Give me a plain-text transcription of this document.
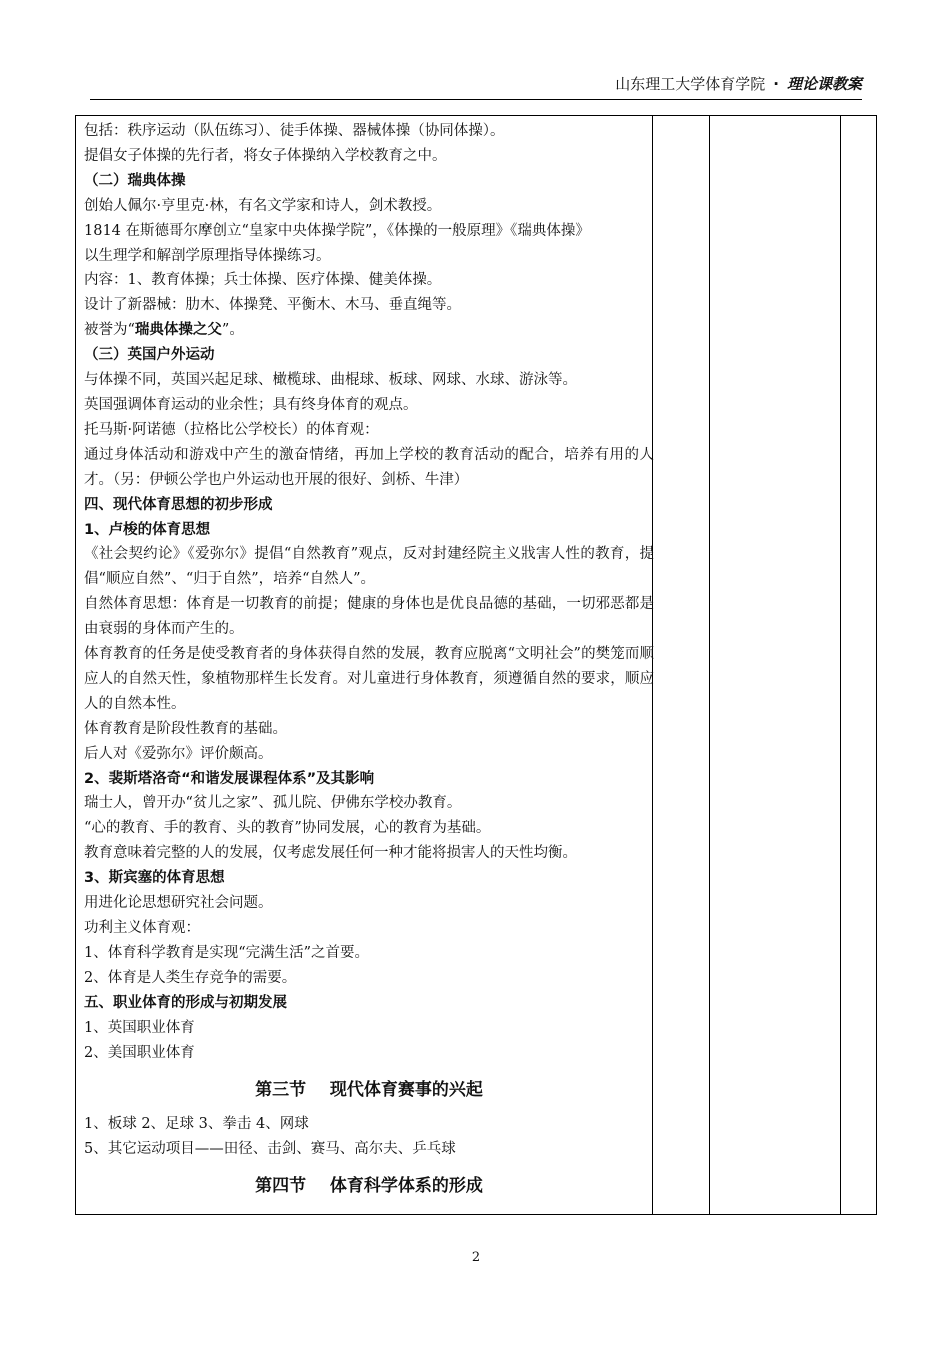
山东理工大学体育学院 · 理论课教案

包括：秩序运动（队伍练习）、徒手体操、器械体操（协同体操）。

提倡女子体操的先行者，将女子体操纳入学校教育之中。

（二）瑞典体操

创始人佩尔·亨里克·林，有名文学家和诗人，剑术教授。

1814 在斯德哥尔摩创立“皇家中央体操学院”，《体操的一般原理》《瑞典体操》

以生理学和解剖学原理指导体操练习。

内容：1、教育体操；兵士体操、医疗体操、健美体操。

设计了新器械：肋木、体操凳、平衡木、木马、垂直绳等。

被誉为“瑞典体操之父”。

（三）英国户外运动

与体操不同，英国兴起足球、橄榄球、曲棍球、板球、网球、水球、游泳等。

英国强调体育运动的业余性；具有终身体育的观点。

托马斯·阿诺德（拉格比公学校长）的体育观：

通过身体活动和游戏中产生的激奋情绪，再加上学校的教育活动的配合，培养有用的人才。（另：伊顿公学也户外运动也开展的很好、剑桥、牛津）

四、现代体育思想的初步形成

1、卢梭的体育思想

《社会契约论》《爱弥尔》提倡“自然教育”观点，反对封建经院主义戕害人性的教育，提倡“顺应自然”、“归于自然”，培养“自然人”。

自然体育思想：体育是一切教育的前提；健康的身体也是优良品德的基础，一切邪恶都是由衰弱的身体而产生的。

体育教育的任务是使受教育者的身体获得自然的发展，教育应脱离“文明社会”的樊笼而顺应人的自然天性，象植物那样生长发育。对儿童进行身体教育，须遵循自然的要求，顺应人的自然本性。

体育教育是阶段性教育的基础。

后人对《爱弥尔》评价颇高。

2、裴斯塔洛奇“和谐发展课程体系”及其影响

瑞士人，曾开办“贫儿之家”、孤儿院、伊佛东学校办教育。

“心的教育、手的教育、头的教育”协同发展，心的教育为基础。

教育意味着完整的人的发展，仅考虑发展任何一种才能将损害人的天性均衡。

3、斯宾塞的体育思想

用进化论思想研究社会问题。

功利主义体育观：

1、体育科学教育是实现“完满生活”之首要。

2、体育是人类生存竞争的需要。

五、职业体育的形成与初期发展

1、英国职业体育

2、美国职业体育

第三节    现代体育赛事的兴起

1、板球 2、足球 3、拳击 4、网球

5、其它运动项目——田径、击剑、赛马、高尔夫、乒乓球

第四节    体育科学体系的形成

2
